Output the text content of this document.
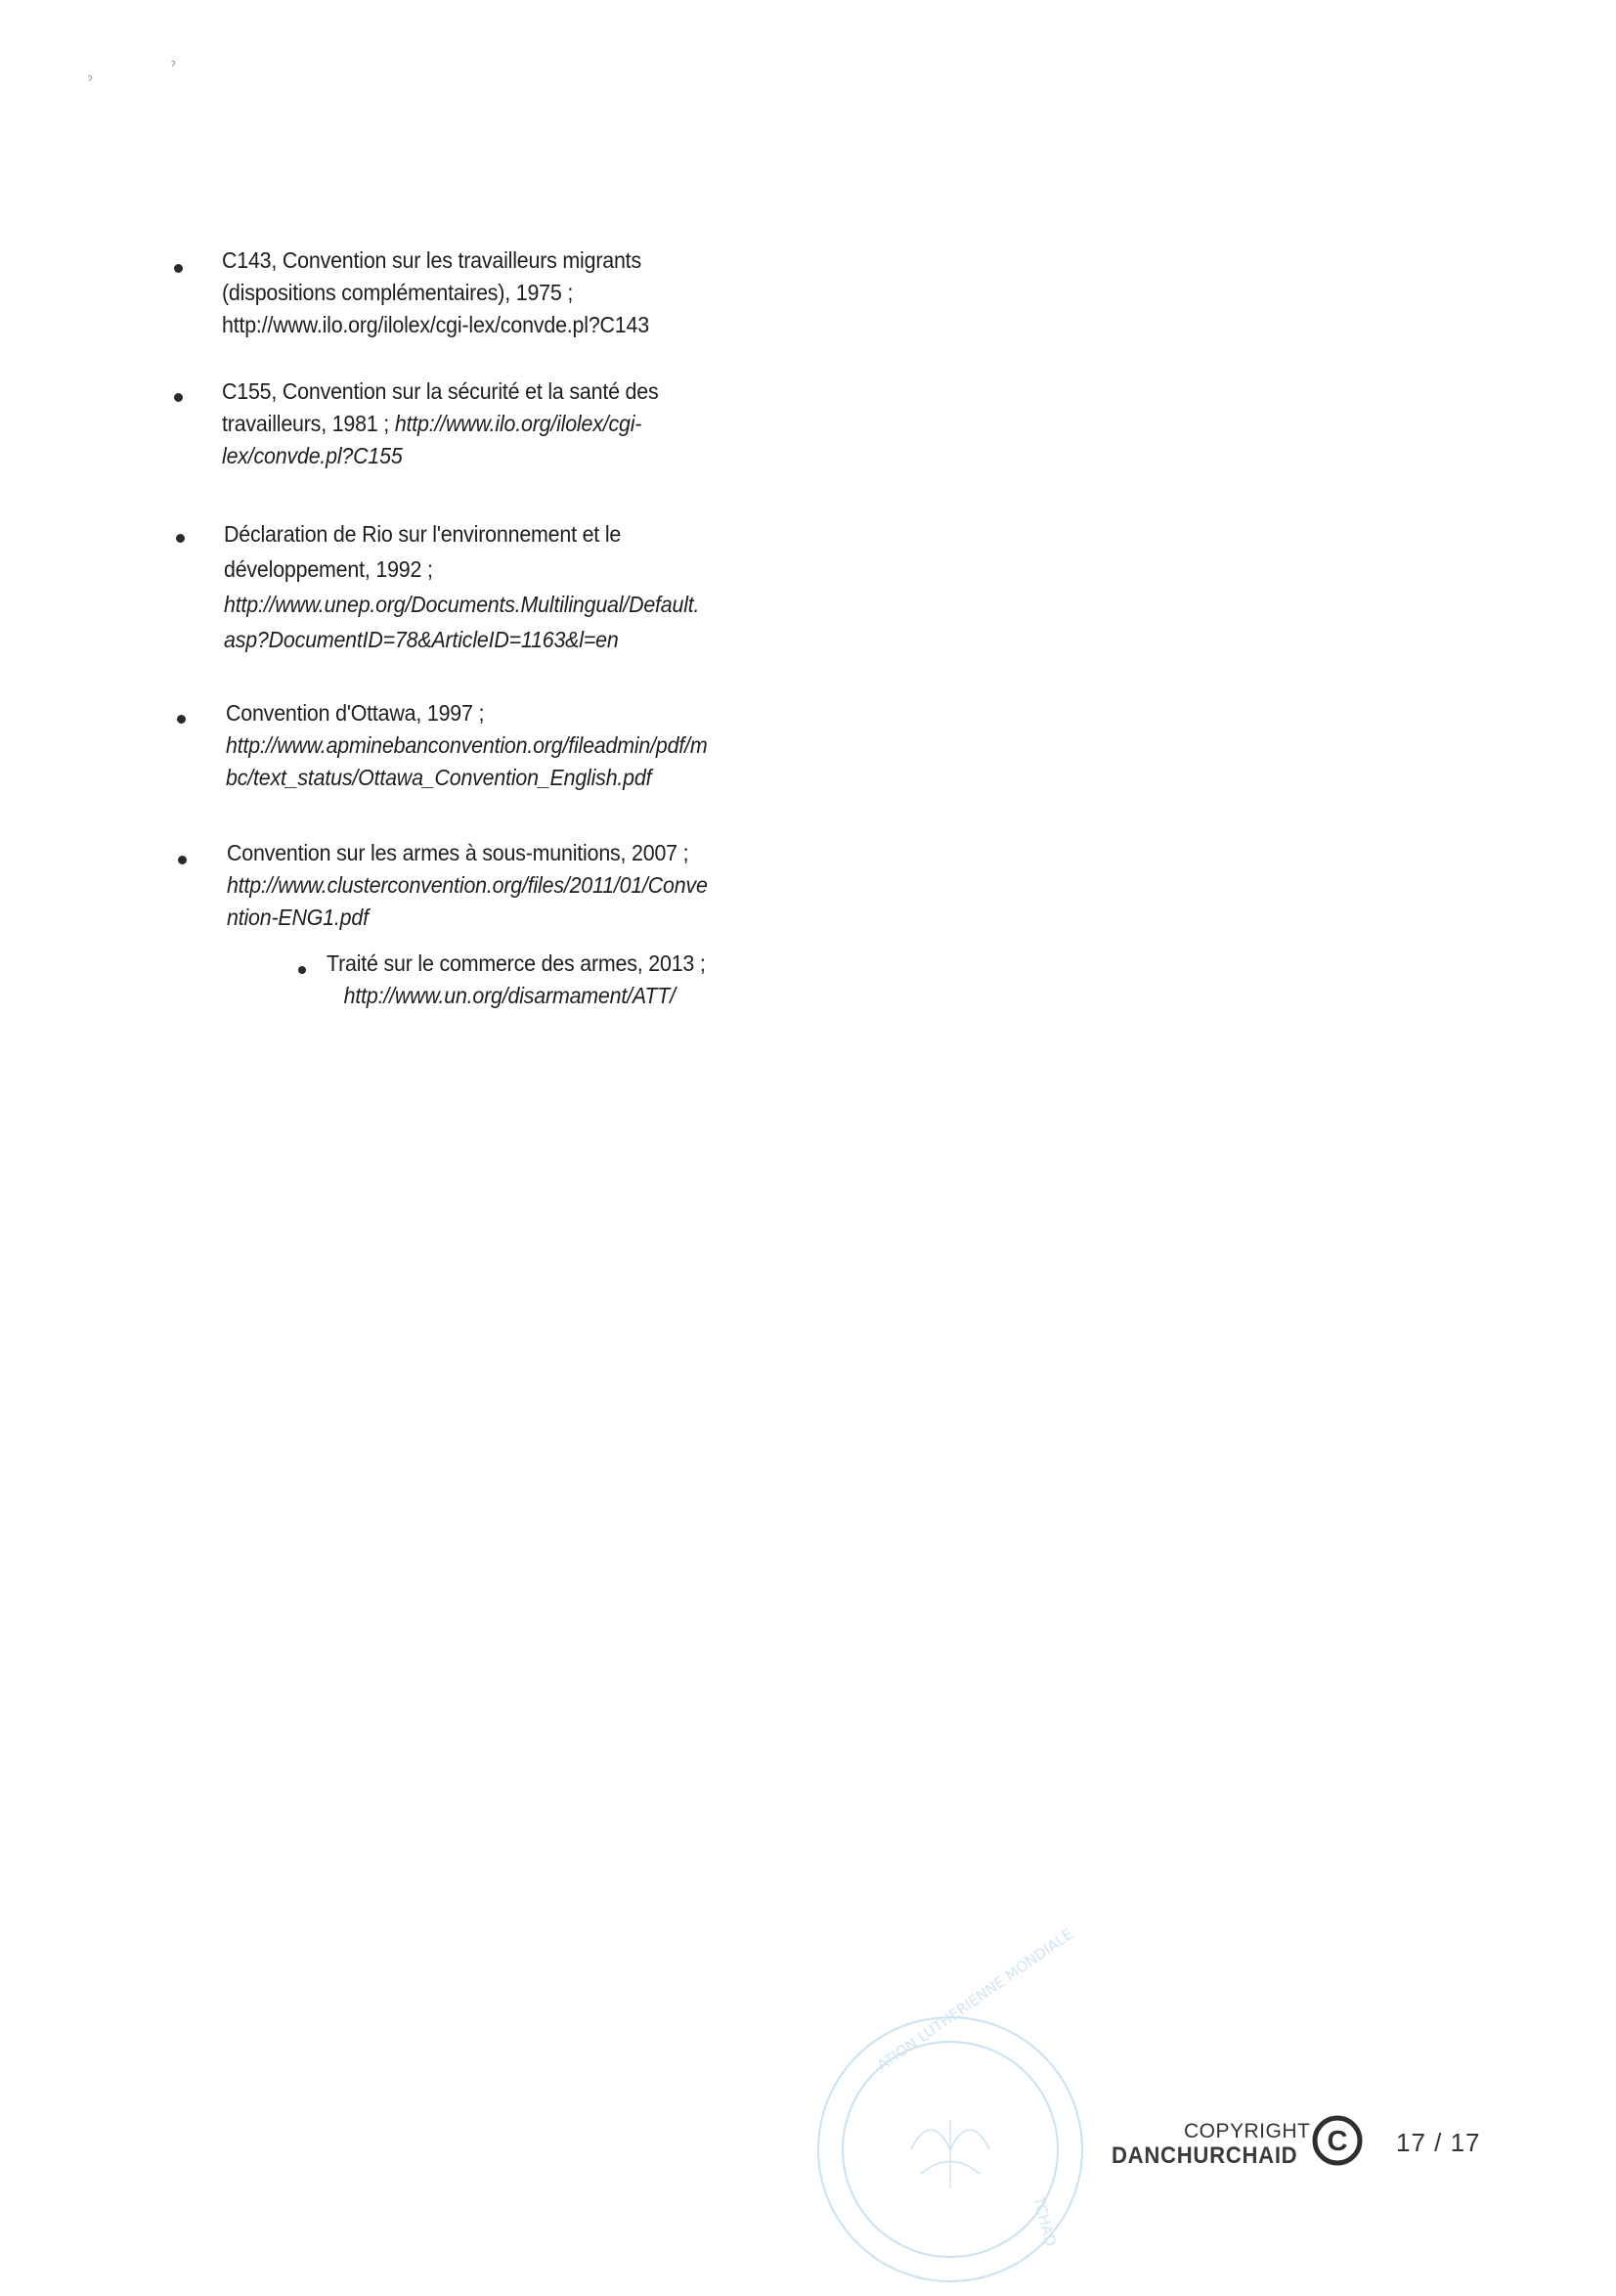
ˀ
ˀ
C143, Convention sur les travailleurs migrants
(dispositions complémentaires), 1975 ;
http://www.ilo.org/ilolex/cgi-lex/convde.pl?C143
C155, Convention sur la sécurité et la santé des
travailleurs, 1981 ; http://www.ilo.org/ilolex/cgi-
lex/convde.pl?C155
Déclaration de Rio sur l'environnement et le
développement, 1992 ;
http://www.unep.org/Documents.Multilingual/Default.
asp?DocumentID=78&ArticleID=1163&l=en
Convention d'Ottawa, 1997 ;
http://www.apminebanconvention.org/fileadmin/pdf/m
bc/text_status/Ottawa_Convention_English.pdf
Convention sur les armes à sous-munitions, 2007 ;
http://www.clusterconvention.org/files/2011/01/Conve
ntion-ENG1.pdf
Traité sur le commerce des armes, 2013 ;
http://www.un.org/disarmament/ATT/
ATION LUTHERIENNE MONDIALE
TCHAD
COPYRIGHT
DANCHURCHAID C 17 / 17
